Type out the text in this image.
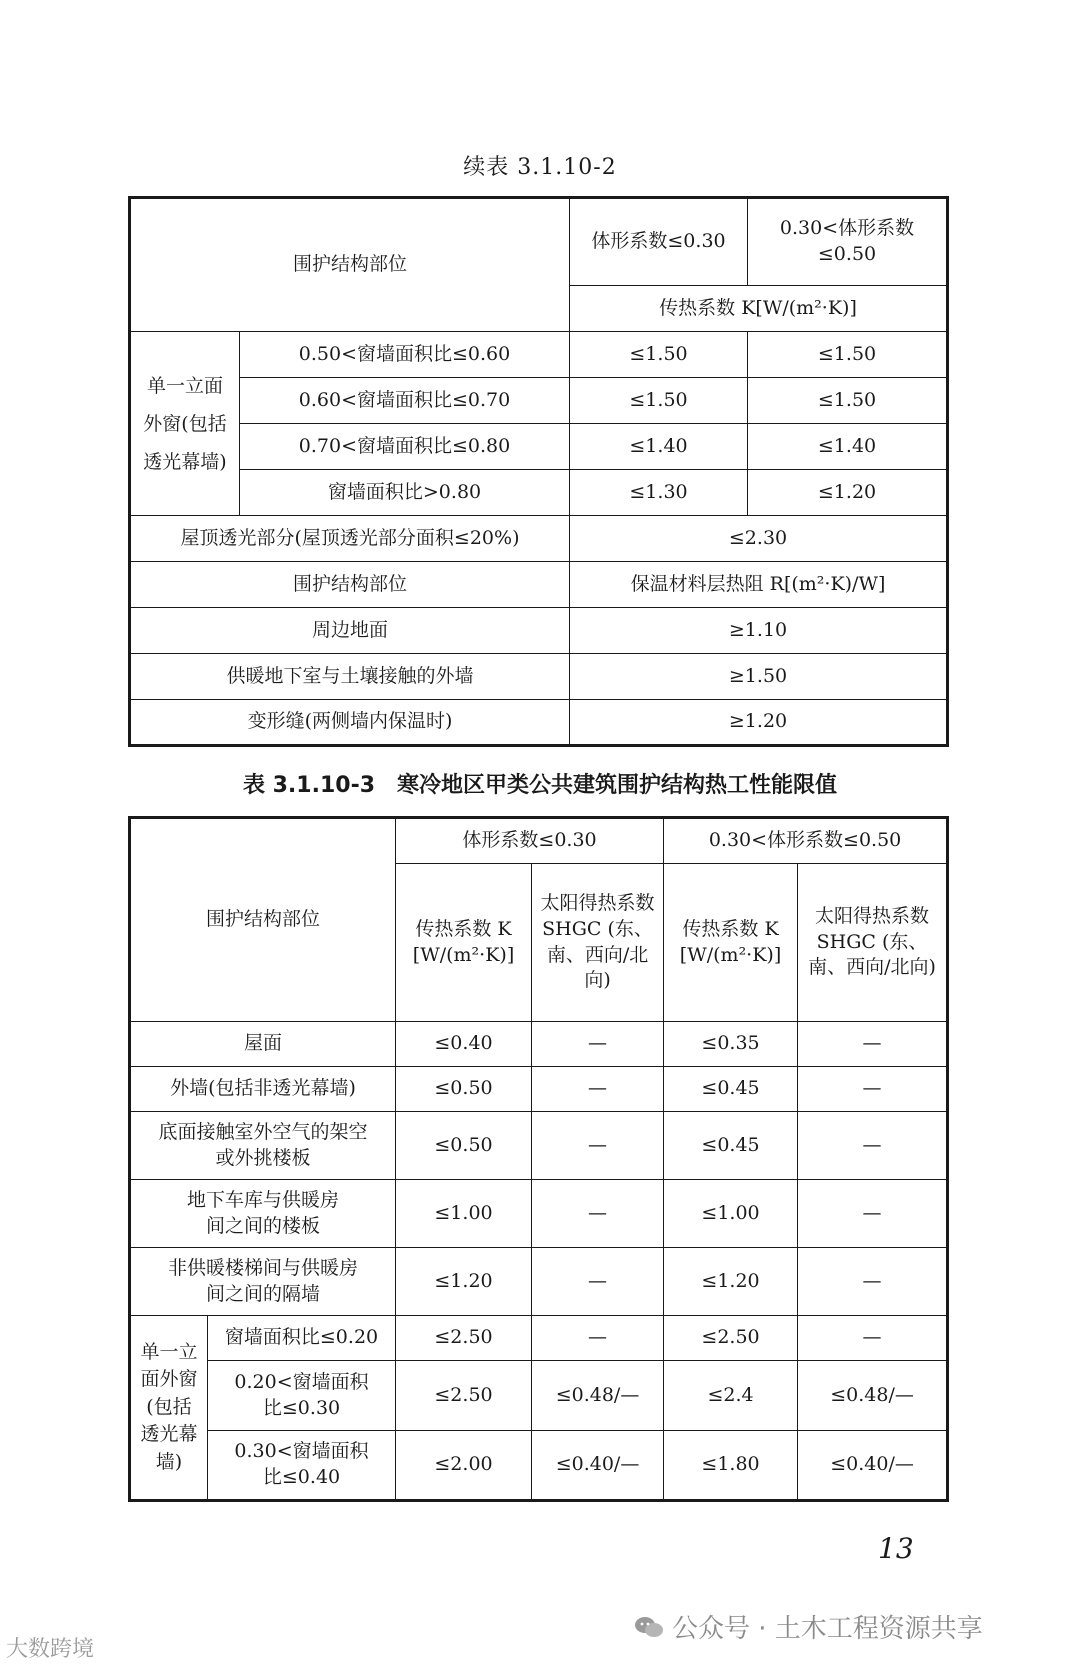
续表 3.1.10-2
围护结构部位		体形系数≤0.30	0.30<体形系数≤0.50
		传热系数 K[W/(m²·K)]	
单一立面外窗(包括透光幕墙)	0.50<窗墙面积比≤0.60	≤1.50	≤1.50
	0.60<窗墙面积比≤0.70	≤1.50	≤1.50
	0.70<窗墙面积比≤0.80	≤1.40	≤1.40
	窗墙面积比>0.80	≤1.30	≤1.20
屋顶透光部分(屋顶透光部分面积≤20%)		≤2.30	
围护结构部位		保温材料层热阻 R[(m²·K)/W]	
周边地面		≥1.10	
供暖地下室与土壤接触的外墙		≥1.50	
变形缝(两侧墙内保温时)		≥1.20	
表 3.1.10-3　寒冷地区甲类公共建筑围护结构热工性能限值
围护结构部位		体形系数≤0.30		0.30<体形系数≤0.50	
		传热系数 K [W/(m²·K)]	太阳得热系数 SHGC (东、南、西向/北向)	传热系数 K [W/(m²·K)]	太阳得热系数 SHGC (东、南、西向/北向)
屋面		≤0.40	—	≤0.35	—
外墙(包括非透光幕墙)		≤0.50	—	≤0.45	—
底面接触室外空气的架空或外挑楼板		≤0.50	—	≤0.45	—
地下车库与供暖房间之间的楼板		≤1.00	—	≤1.00	—
非供暖楼梯间与供暖房间之间的隔墙		≤1.20	—	≤1.20	—
单一立面外窗(包括透光幕墙)	窗墙面积比≤0.20	≤2.50	—	≤2.50	—
	0.20<窗墙面积比≤0.30	≤2.50	≤0.48/—	≤2.4	≤0.48/—
	0.30<窗墙面积比≤0.40	≤2.00	≤0.40/—	≤1.80	≤0.40/—
13
大数跨境
公众号 · 土木工程资源共享
